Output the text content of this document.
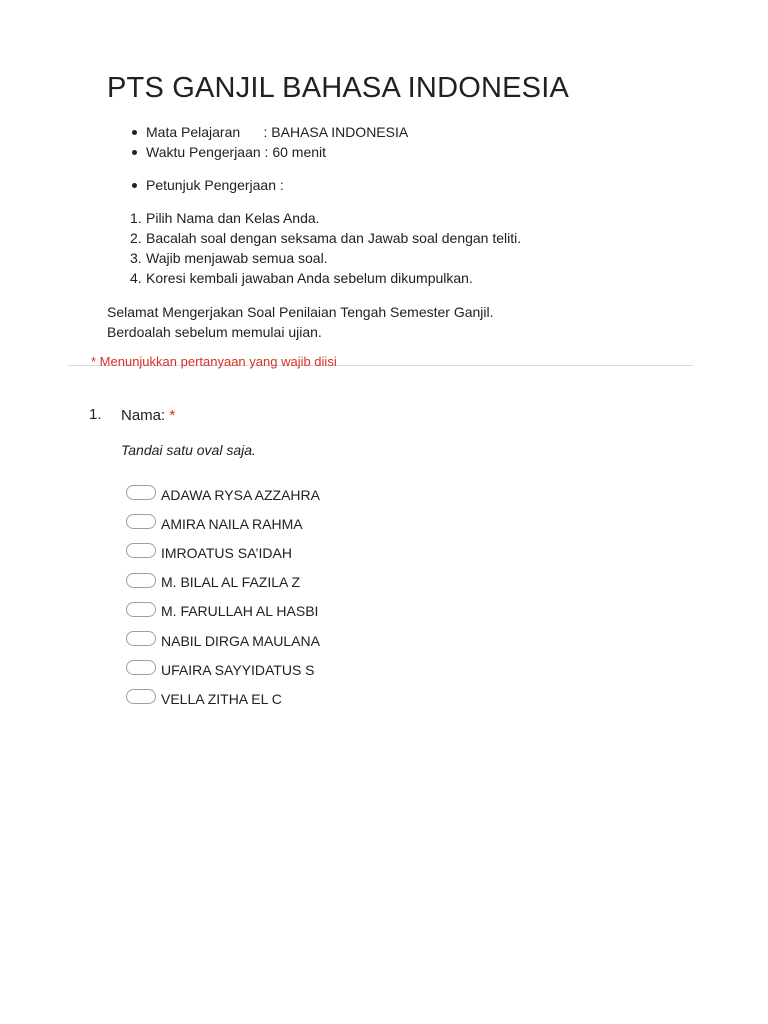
PTS GANJIL BAHASA INDONESIA
Mata Pelajaran      : BAHASA INDONESIA
Waktu Pengerjaan : 60 menit
Petunjuk Pengerjaan :
1. Pilih Nama dan Kelas Anda.
2. Bacalah soal dengan seksama dan Jawab soal dengan teliti.
3. Wajib menjawab semua soal.
4. Koresi kembali jawaban Anda sebelum dikumpulkan.
Selamat Mengerjakan Soal Penilaian Tengah Semester Ganjil.
Berdoalah sebelum memulai ujian.
* Menunjukkan pertanyaan yang wajib diisi
1. Nama: *
Tandai satu oval saja.
ADAWA RYSA AZZAHRA
AMIRA NAILA RAHMA
IMROATUS SA’IDAH
M. BILAL AL FAZILA Z
M. FARULLAH AL HASBI
NABIL DIRGA MAULANA
UFAIRA SAYYIDATUS S
VELLA ZITHA EL C
